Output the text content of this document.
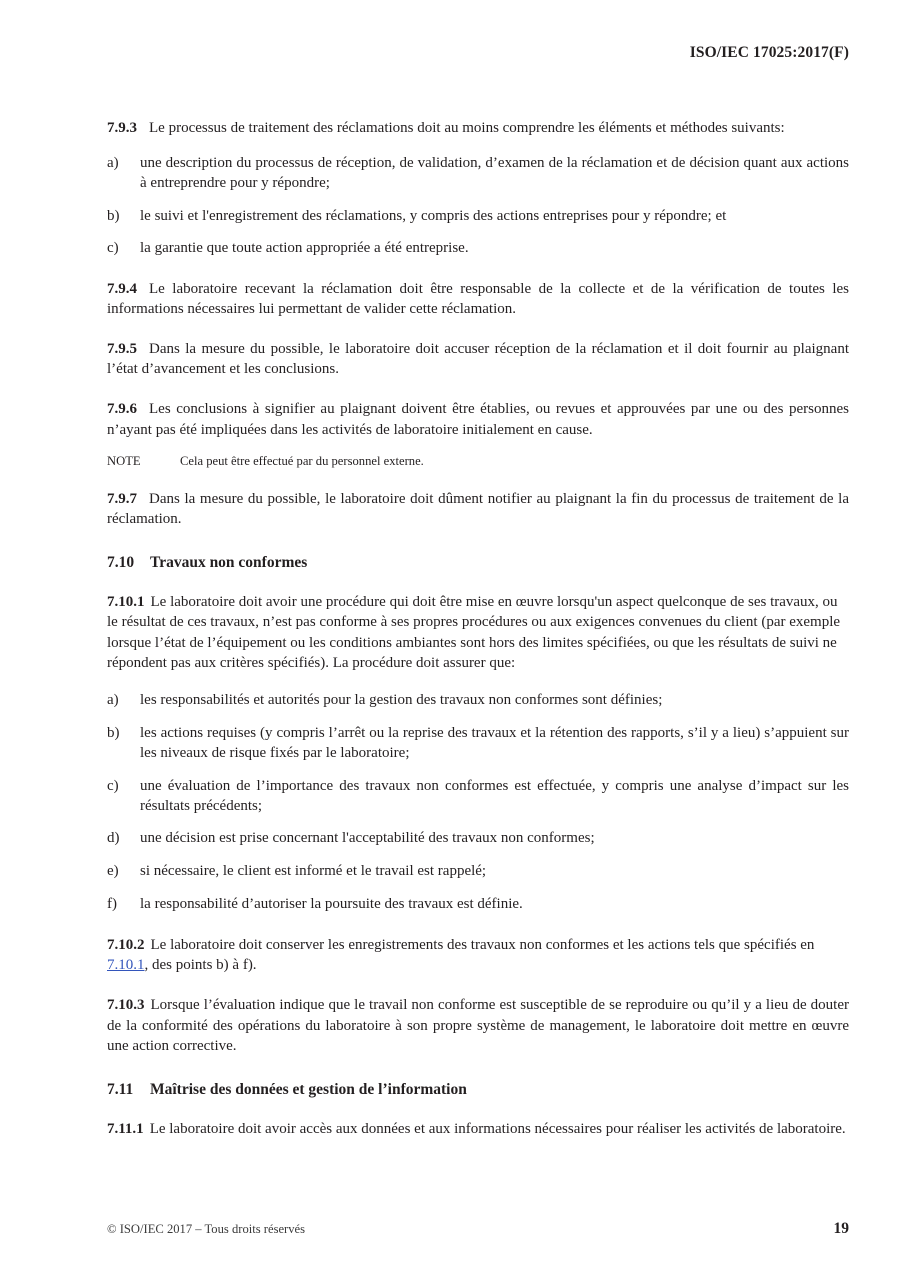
ISO/IEC 17025:2017(F)

7.9.3 Le processus de traitement des réclamations doit au moins comprendre les éléments et méthodes suivants:

a)	une description du processus de réception, de validation, d’examen de la réclamation et de décision quant aux actions à entreprendre pour y répondre;
b)	le suivi et l'enregistrement des réclamations, y compris des actions entreprises pour y répondre; et
c)	la garantie que toute action appropriée a été entreprise.

7.9.4 Le laboratoire recevant la réclamation doit être responsable de la collecte et de la vérification de toutes les informations nécessaires lui permettant de valider cette réclamation.

7.9.5 Dans la mesure du possible, le laboratoire doit accuser réception de la réclamation et il doit fournir au plaignant l’état d’avancement et les conclusions.

7.9.6 Les conclusions à signifier au plaignant doivent être établies, ou revues et approuvées par une ou des personnes n’ayant pas été impliquées dans les activités de laboratoire initialement en cause.

NOTE	Cela peut être effectué par du personnel externe.

7.9.7 Dans la mesure du possible, le laboratoire doit dûment notifier au plaignant la fin du processus de traitement de la réclamation.

7.10 Travaux non conformes

7.10.1 Le laboratoire doit avoir une procédure qui doit être mise en œuvre lorsqu'un aspect quelconque de ses travaux, ou le résultat de ces travaux, n’est pas conforme à ses propres procédures ou aux exigences convenues du client (par exemple lorsque l’état de l’équipement ou les conditions ambiantes sont hors des limites spécifiées, ou que les résultats de suivi ne répondent pas aux critères spécifiés). La procédure doit assurer que:

a)	les responsabilités et autorités pour la gestion des travaux non conformes sont définies;
b)	les actions requises (y compris l’arrêt ou la reprise des travaux et la rétention des rapports, s’il y a lieu) s’appuient sur les niveaux de risque fixés par le laboratoire;
c)	une évaluation de l’importance des travaux non conformes est effectuée, y compris une analyse d’impact sur les résultats précédents;
d)	une décision est prise concernant l'acceptabilité des travaux non conformes;
e)	si nécessaire, le client est informé et le travail est rappelé;
f)	la responsabilité d’autoriser la poursuite des travaux est définie.

7.10.2 Le laboratoire doit conserver les enregistrements des travaux non conformes et les actions tels que spécifiés en 7.10.1, des points b) à f).

7.10.3 Lorsque l’évaluation indique que le travail non conforme est susceptible de se reproduire ou qu’il y a lieu de douter de la conformité des opérations du laboratoire à son propre système de management, le laboratoire doit mettre en œuvre une action corrective.

7.11 Maîtrise des données et gestion de l’information

7.11.1 Le laboratoire doit avoir accès aux données et aux informations nécessaires pour réaliser les activités de laboratoire.

© ISO/IEC 2017 – Tous droits réservés	19
